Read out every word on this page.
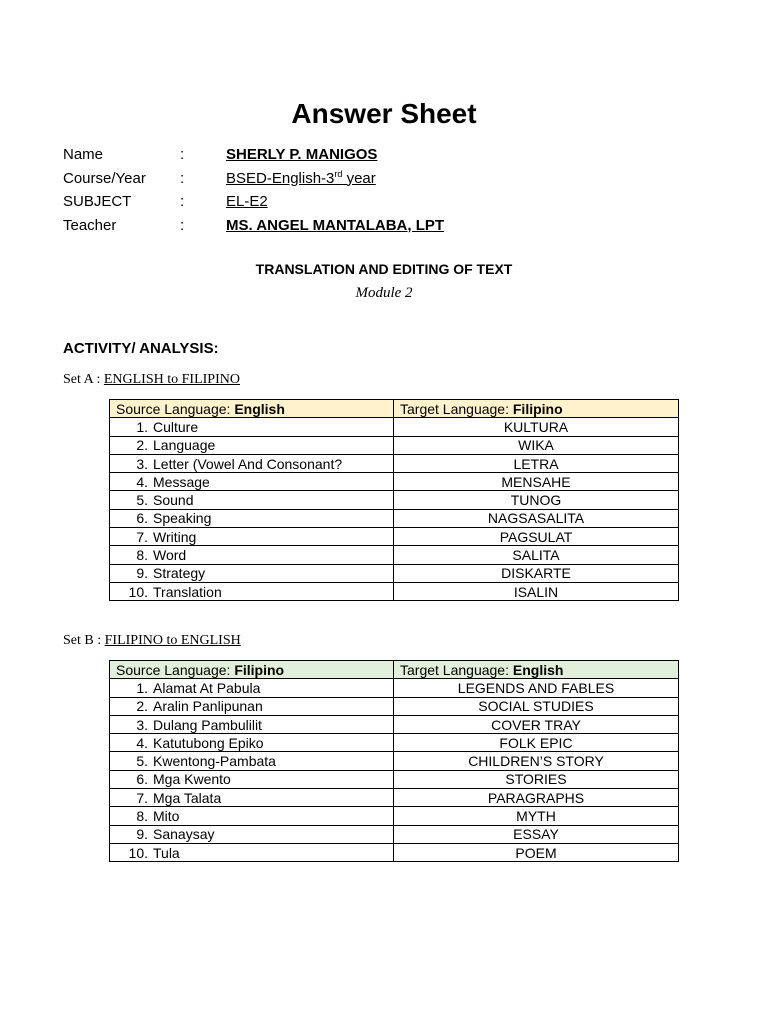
Answer Sheet
Name	:	SHERLY P. MANIGOS
Course/Year :	BSED-English-3rd year
SUBJECT	:	EL-E2
Teacher	:	MS. ANGEL MANTALABA, LPT
TRANSLATION AND EDITING OF TEXT
Module 2
ACTIVITY/ ANALYSIS:
Set A : ENGLISH to FILIPINO
Source Language: English	Target Language: Filipino
1. Culture	KULTURA
2. Language	WIKA
3. Letter (Vowel And Consonant?	LETRA
4. Message	MENSAHE
5. Sound	TUNOG
6. Speaking	NAGSASALITA
7. Writing	PAGSULAT
8. Word	SALITA
9. Strategy	DISKARTE
10. Translation	ISALIN
Set B : FILIPINO to ENGLISH
Source Language: Filipino	Target Language: English
1. Alamat At Pabula	LEGENDS AND FABLES
2. Aralin Panlipunan	SOCIAL STUDIES
3. Dulang Pambulilit	COVER TRAY
4. Katutubong Epiko	FOLK EPIC
5. Kwentong-Pambata	CHILDREN’S STORY
6. Mga Kwento	STORIES
7. Mga Talata	PARAGRAPHS
8. Mito	MYTH
9. Sanaysay	ESSAY
10. Tula	POEM
